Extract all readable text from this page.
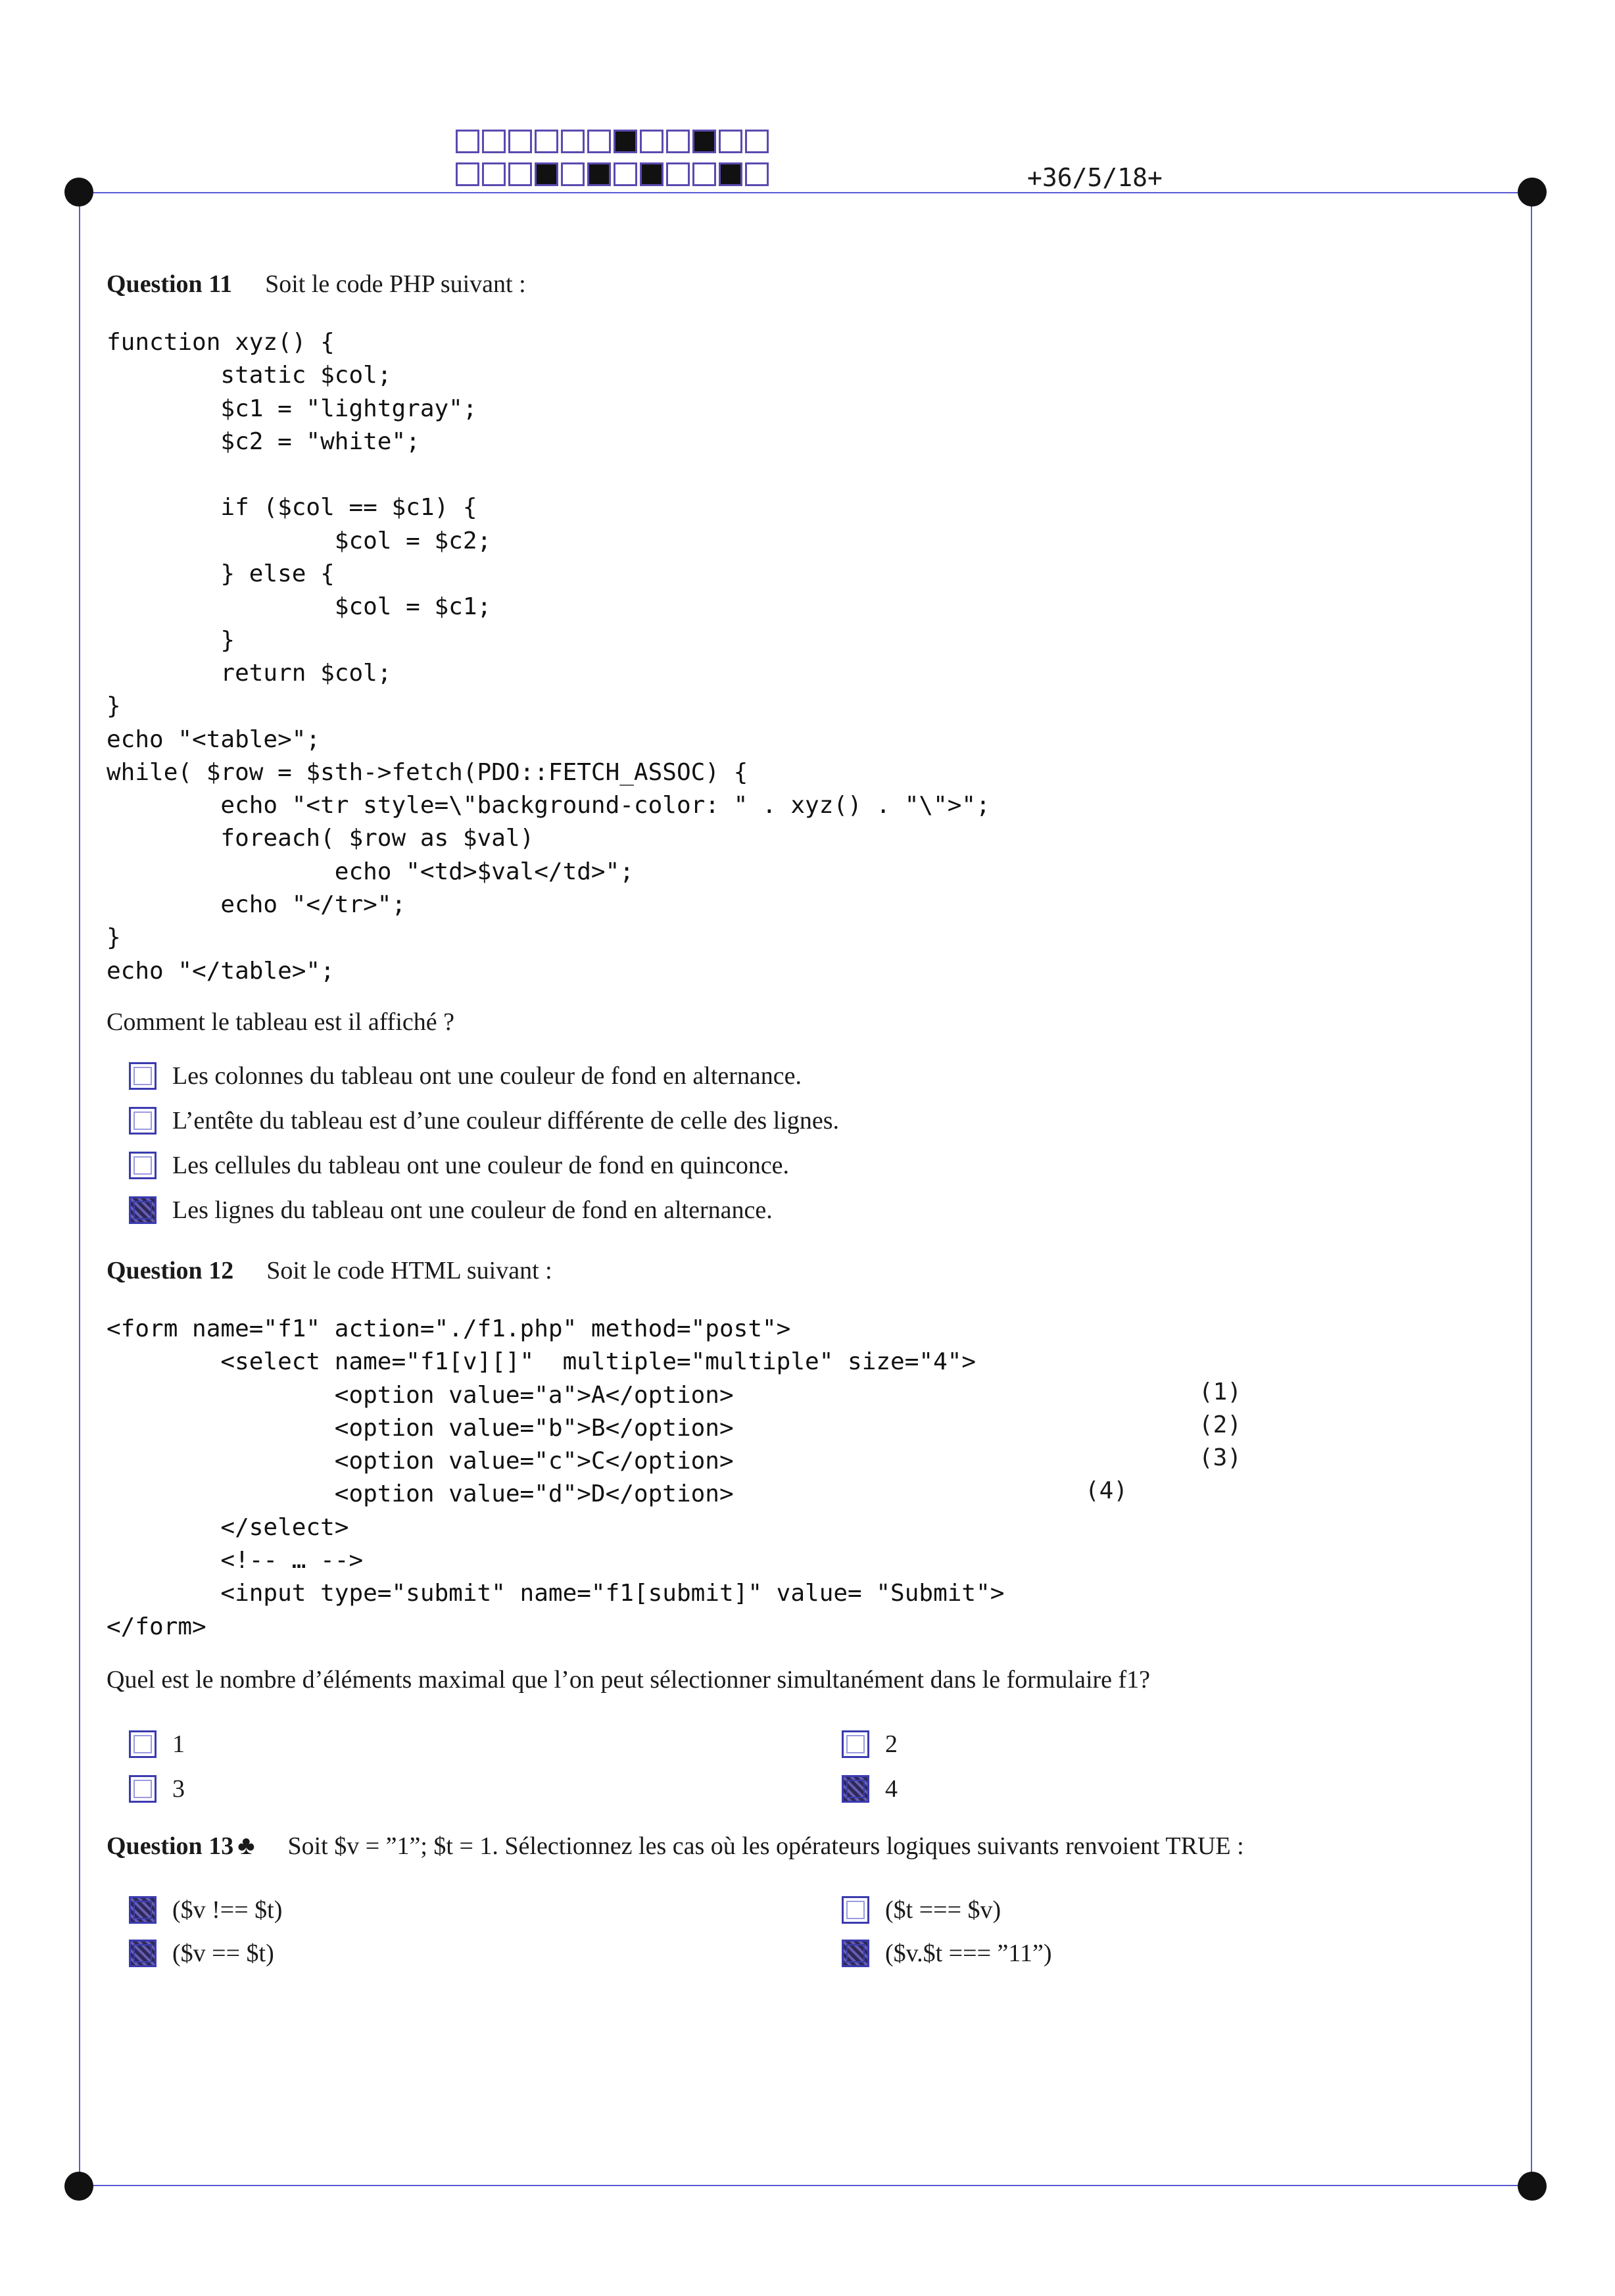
+36/5/18+
Question 11 Soit le code PHP suivant :
function xyz() {
static $col;
$c1 = "lightgray";
$c2 = "white";

if ($col == $c1) {
$col = $c2;
} else {
$col = $c1;
}
return $col;
}
echo "<table>";
while( $row = $sth->fetch(PDO::FETCH_ASSOC) {
echo "<tr style=\"background-color: " . xyz() . "\">";
foreach( $row as $val)
echo "<td>$val</td>";
echo "</tr>";
}
echo "</table>";
Comment le tableau est il affiché ?
Les colonnes du tableau ont une couleur de fond en alternance.
L’entête du tableau est d’une couleur différente de celle des lignes.
Les cellules du tableau ont une couleur de fond en quinconce.
Les lignes du tableau ont une couleur de fond en alternance.
Question 12 Soit le code HTML suivant :
<form name="f1" action="./f1.php" method="post">
<select name="f1[v][]"  multiple="multiple" size="4">
<option value="a">A</option>
<option value="b">B</option>
<option value="c">C</option>
<option value="d">D</option>
</select>
<!-- … -->
<input type="submit" name="f1[submit]" value= "Submit">
</form>
(1)
(2)
(3)
(4)
Quel est le nombre d’éléments maximal que l’on peut sélectionner simultanément dans le formulaire f1?
1	2
3	4
Question 13 ♣ Soit $v = ”1”; $t = 1. Sélectionnez les cas où les opérateurs logiques suivants renvoient TRUE :
($v !== $t)	($t === $v)
($v == $t)	($v.$t === ”11”)
